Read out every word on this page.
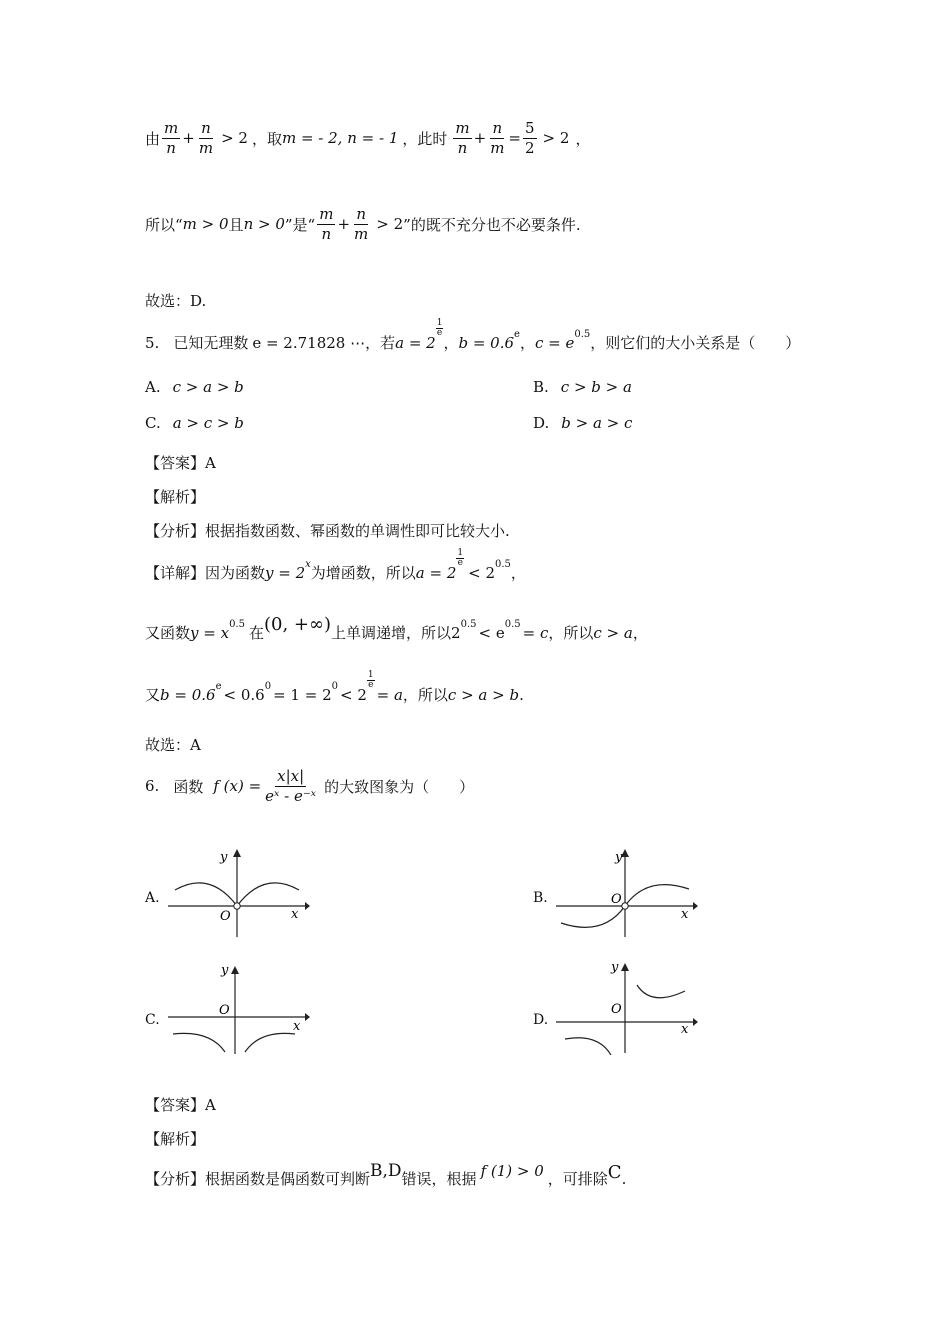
由 $\frac{m}{n} + \frac{n}{m} > 2$ ，取 m = - 2, n = - 1 ，此时 $\frac{m}{n} + \frac{n}{m} = \frac{5}{2} > 2$ ，
所以“ m > 0 且 n > 0 ”是“ $\frac{m}{n} + \frac{n}{m} > 2$ ”的既不充分也不必要条件.
故选：D.
5. 已知无理数 e = 2.71828 ⋯ ，若 a = 2
$\frac{1}{e}$
， b = 0.6 e ， c = e 0.5 ，则它们的大小关系是（　　）
A. c > a > b	B. c > b > a
C. a > c > b	D. b > a > c
【答案】A
【解析】
【分析】根据指数函数、幂函数的单调性即可比较大小.
【详解】因为函数 y = 2 x 为增函数，所以 a = 2
$\frac{1}{e}$
< 2 0.5 ，
又函数 y = x 0.5 在 (0, +∞) 上单调递增，所以 2 0.5 < e 0.5 = c ，所以 c > a ，
又 b = 0.6 e < 0.6 0 = 1 = 2 0 < 2
$\frac{1}{e}$
= a ，所以 c > a > b .
故选：A
6. 函数 f $(x) = \frac{x|x|}{\text{eˣ - e⁻ˣ}}$ 的大致图象为（　　）
A.
y
x
O
B.
y
x
O
C.
y
x
O
D.
y
x
O
【答案】A
【解析】
【分析】根据函数是偶函数可判断 B,D 错误，根据 f (1) > 0 ，可排除 C .
